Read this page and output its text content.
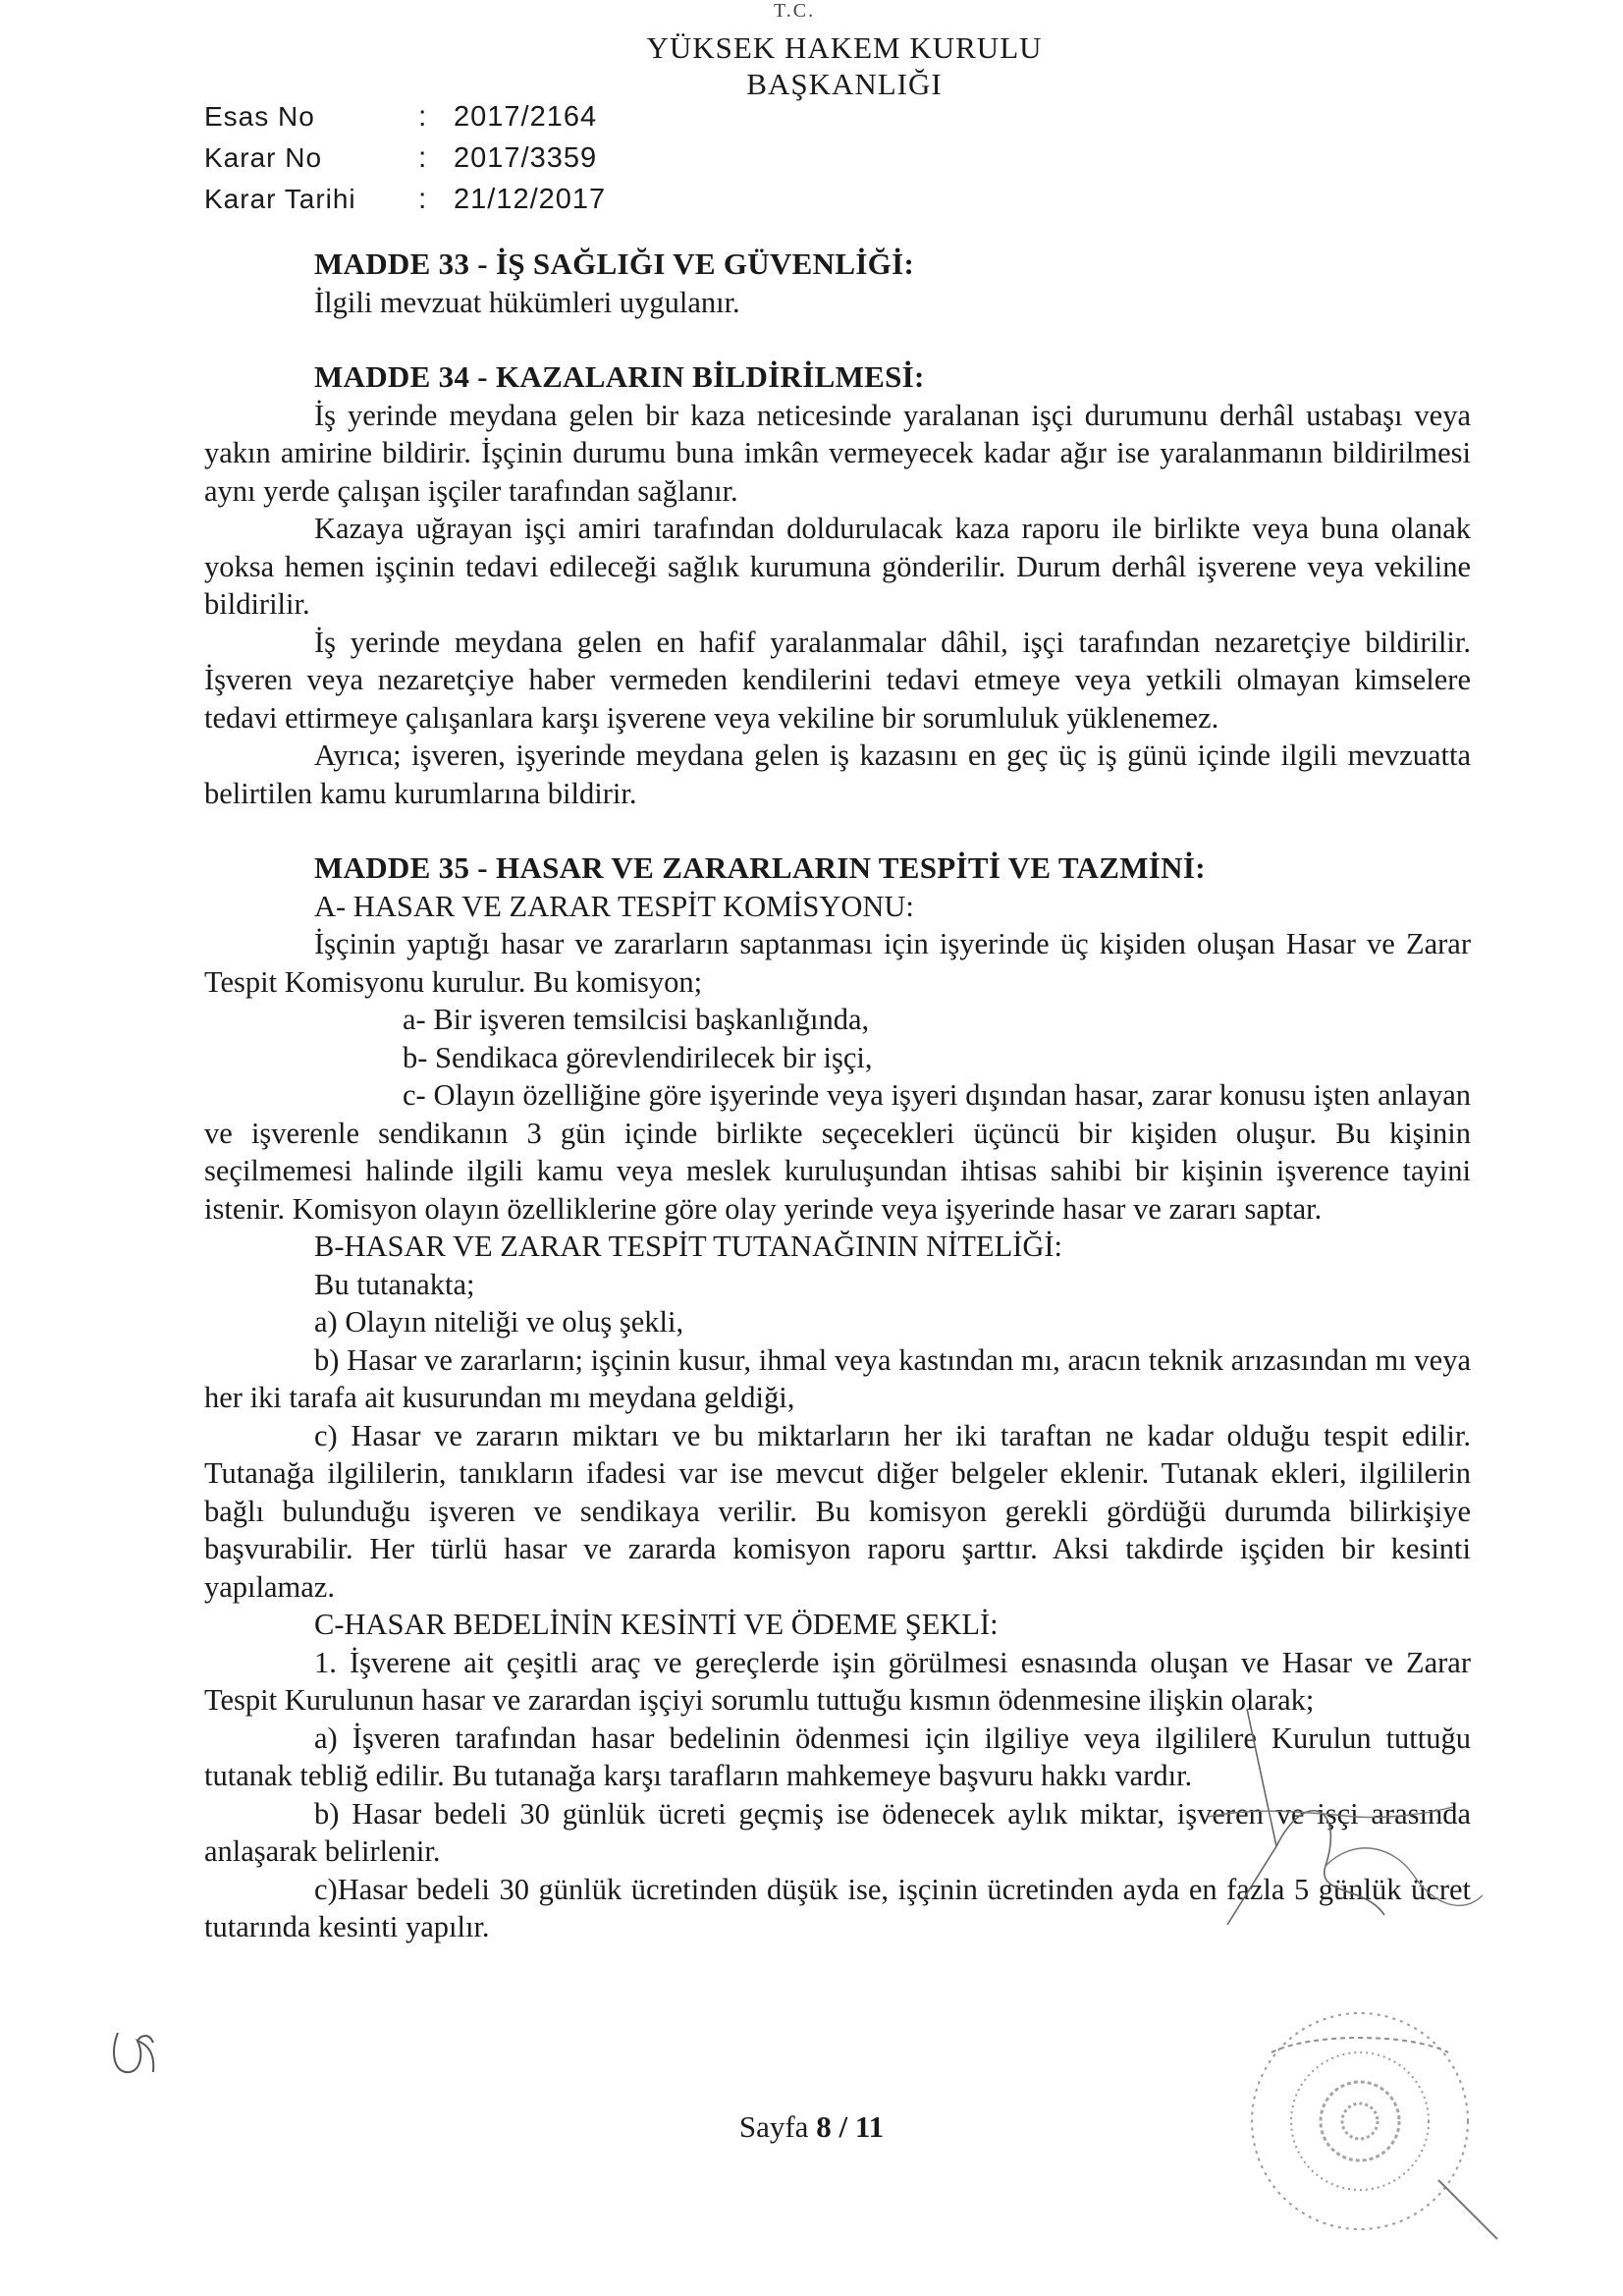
T.C.
YÜKSEK HAKEM KURULU
BAŞKANLIĞI
Esas No	: 2017/2164
Karar No	: 2017/3359
Karar Tarihi	: 21/12/2017
MADDE 33 - İŞ SAĞLIĞI VE GÜVENLİĞİ:
İlgili mevzuat hükümleri uygulanır.
MADDE 34 - KAZALARIN BİLDİRİLMESİ:
İş yerinde meydana gelen bir kaza neticesinde yaralanan işçi durumunu derhâl ustabaşı veya yakın amirine bildirir. İşçinin durumu buna imkân vermeyecek kadar ağır ise yaralanmanın bildirilmesi aynı yerde çalışan işçiler tarafından sağlanır.
Kazaya uğrayan işçi amiri tarafından doldurulacak kaza raporu ile birlikte veya buna olanak yoksa hemen işçinin tedavi edileceği sağlık kurumuna gönderilir. Durum derhâl işverene veya vekiline bildirilir.
İş yerinde meydana gelen en hafif yaralanmalar dâhil, işçi tarafından nezaretçiye bildirilir. İşveren veya nezaretçiye haber vermeden kendilerini tedavi etmeye veya yetkili olmayan kimselere tedavi ettirmeye çalışanlara karşı işverene veya vekiline bir sorumluluk yüklenemez.
Ayrıca; işveren, işyerinde meydana gelen iş kazasını en geç üç iş günü içinde ilgili mevzuatta belirtilen kamu kurumlarına bildirir.
MADDE 35 - HASAR VE ZARARLARIN TESPİTİ VE TAZMİNİ:
A- HASAR VE ZARAR TESPİT KOMİSYONU:
İşçinin yaptığı hasar ve zararların saptanması için işyerinde üç kişiden oluşan Hasar ve Zarar Tespit Komisyonu kurulur. Bu komisyon;
a- Bir işveren temsilcisi başkanlığında,
b- Sendikaca görevlendirilecek bir işçi,
c- Olayın özelliğine göre işyerinde veya işyeri dışından hasar, zarar konusu işten anlayan ve işverenle sendikanın 3 gün içinde birlikte seçecekleri üçüncü bir kişiden oluşur. Bu kişinin seçilmemesi halinde ilgili kamu veya meslek kuruluşundan ihtisas sahibi bir kişinin işverence tayini istenir. Komisyon olayın özelliklerine göre olay yerinde veya işyerinde hasar ve zararı saptar.
B-HASAR VE ZARAR TESPİT TUTANAĞININ NİTELİĞİ:
Bu tutanakta;
a) Olayın niteliği ve oluş şekli,
b) Hasar ve zararların; işçinin kusur, ihmal veya kastından mı, aracın teknik arızasından mı veya her iki tarafa ait kusurundan mı meydana geldiği,
c) Hasar ve zararın miktarı ve bu miktarların her iki taraftan ne kadar olduğu tespit edilir. Tutanağa ilgililerin, tanıkların ifadesi var ise mevcut diğer belgeler eklenir. Tutanak ekleri, ilgililerin bağlı bulunduğu işveren ve sendikaya verilir. Bu komisyon gerekli gördüğü durumda bilirkişiye başvurabilir. Her türlü hasar ve zararda komisyon raporu şarttır. Aksi takdirde işçiden bir kesinti yapılamaz.
C-HASAR BEDELİNİN KESİNTİ VE ÖDEME ŞEKLİ:
1. İşverene ait çeşitli araç ve gereçlerde işin görülmesi esnasında oluşan ve Hasar ve Zarar Tespit Kurulunun hasar ve zarardan işçiyi sorumlu tuttuğu kısmın ödenmesine ilişkin olarak;
a) İşveren tarafından hasar bedelinin ödenmesi için ilgiliye veya ilgililere Kurulun tuttuğu tutanak tebliğ edilir. Bu tutanağa karşı tarafların mahkemeye başvuru hakkı vardır.
b) Hasar bedeli 30 günlük ücreti geçmiş ise ödenecek aylık miktar, işveren ve işçi arasında anlaşarak belirlenir.
c)Hasar bedeli 30 günlük ücretinden düşük ise, işçinin ücretinden ayda en fazla 5 günlük ücret tutarında kesinti yapılır.
Sayfa 8 / 11
